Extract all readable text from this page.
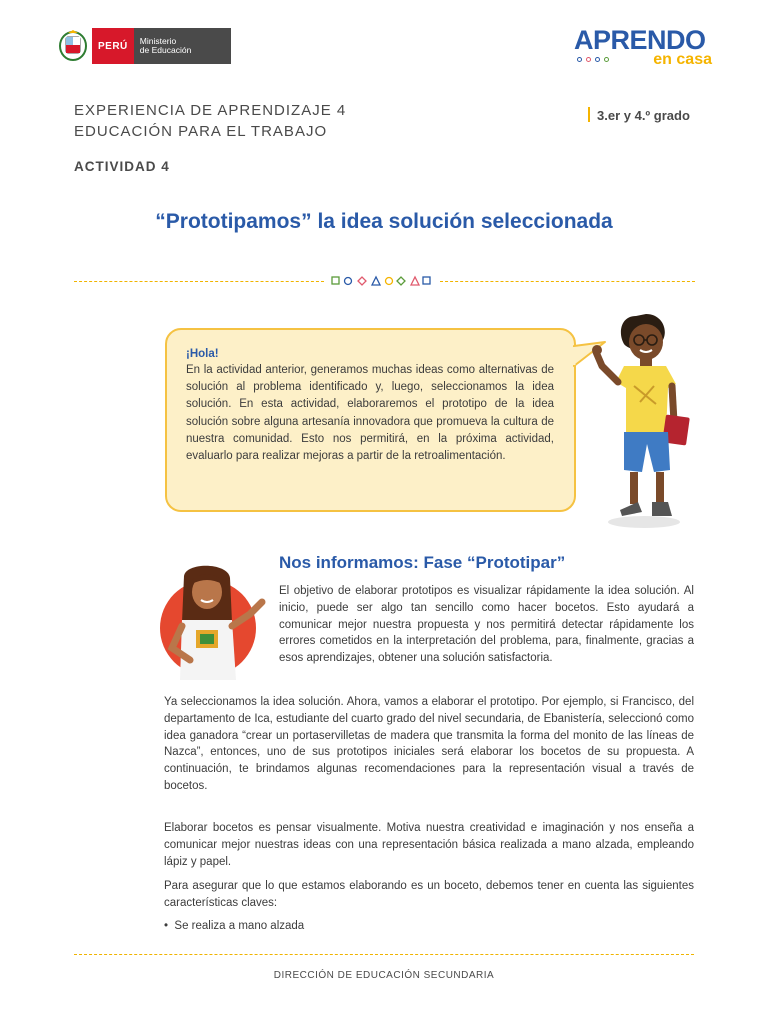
PERÚ	Ministerio
de Educación	APRENDO
en casa
EXPERIENCIA DE APRENDIZAJE 4
EDUCACIÓN PARA EL TRABAJO
3.er y 4.º grado
ACTIVIDAD 4
“Prototipamos” la idea solución seleccionada
¡Hola!
En la actividad anterior, generamos muchas ideas como alternativas de solución al problema identificado y, luego, seleccionamos la idea solución. En esta actividad, elaboraremos el prototipo de la idea solución sobre alguna artesanía innovadora que promueva la cultura de nuestra comunidad. Esto nos permitirá, en la próxima actividad, evaluarlo para realizar mejoras a partir de la retroalimentación.
Nos informamos: Fase “Prototipar”
El objetivo de elaborar prototipos es visualizar rápidamente la idea solución. Al inicio, puede ser algo tan sencillo como hacer bocetos. Esto ayudará a comunicar mejor nuestra propuesta y nos permitirá detectar rápidamente los errores cometidos en la interpretación del problema, para, finalmente, gracias a esos aprendizajes, obtener una solución satisfactoria.
Ya seleccionamos la idea solución. Ahora, vamos a elaborar el prototipo. Por ejemplo, si Francisco, del departamento de Ica, estudiante del cuarto grado del nivel secundaria, de Ebanistería, seleccionó como idea ganadora “crear un portaservilletas de madera que transmita la forma del monito de las líneas de Nazca”, entonces, uno de sus prototipos iniciales será elaborar los bocetos de su propuesta. A continuación, te brindamos algunas recomendaciones para la representación visual a través de bocetos.
Elaborar bocetos es pensar visualmente. Motiva nuestra creatividad e imaginación y nos enseña a comunicar mejor nuestras ideas con una representación básica realizada a mano alzada, empleando lápiz y papel.
Para asegurar que lo que estamos elaborando es un boceto, debemos tener en cuenta las siguientes características claves:
•  Se realiza a mano alzada
DIRECCIÓN DE EDUCACIÓN SECUNDARIA
